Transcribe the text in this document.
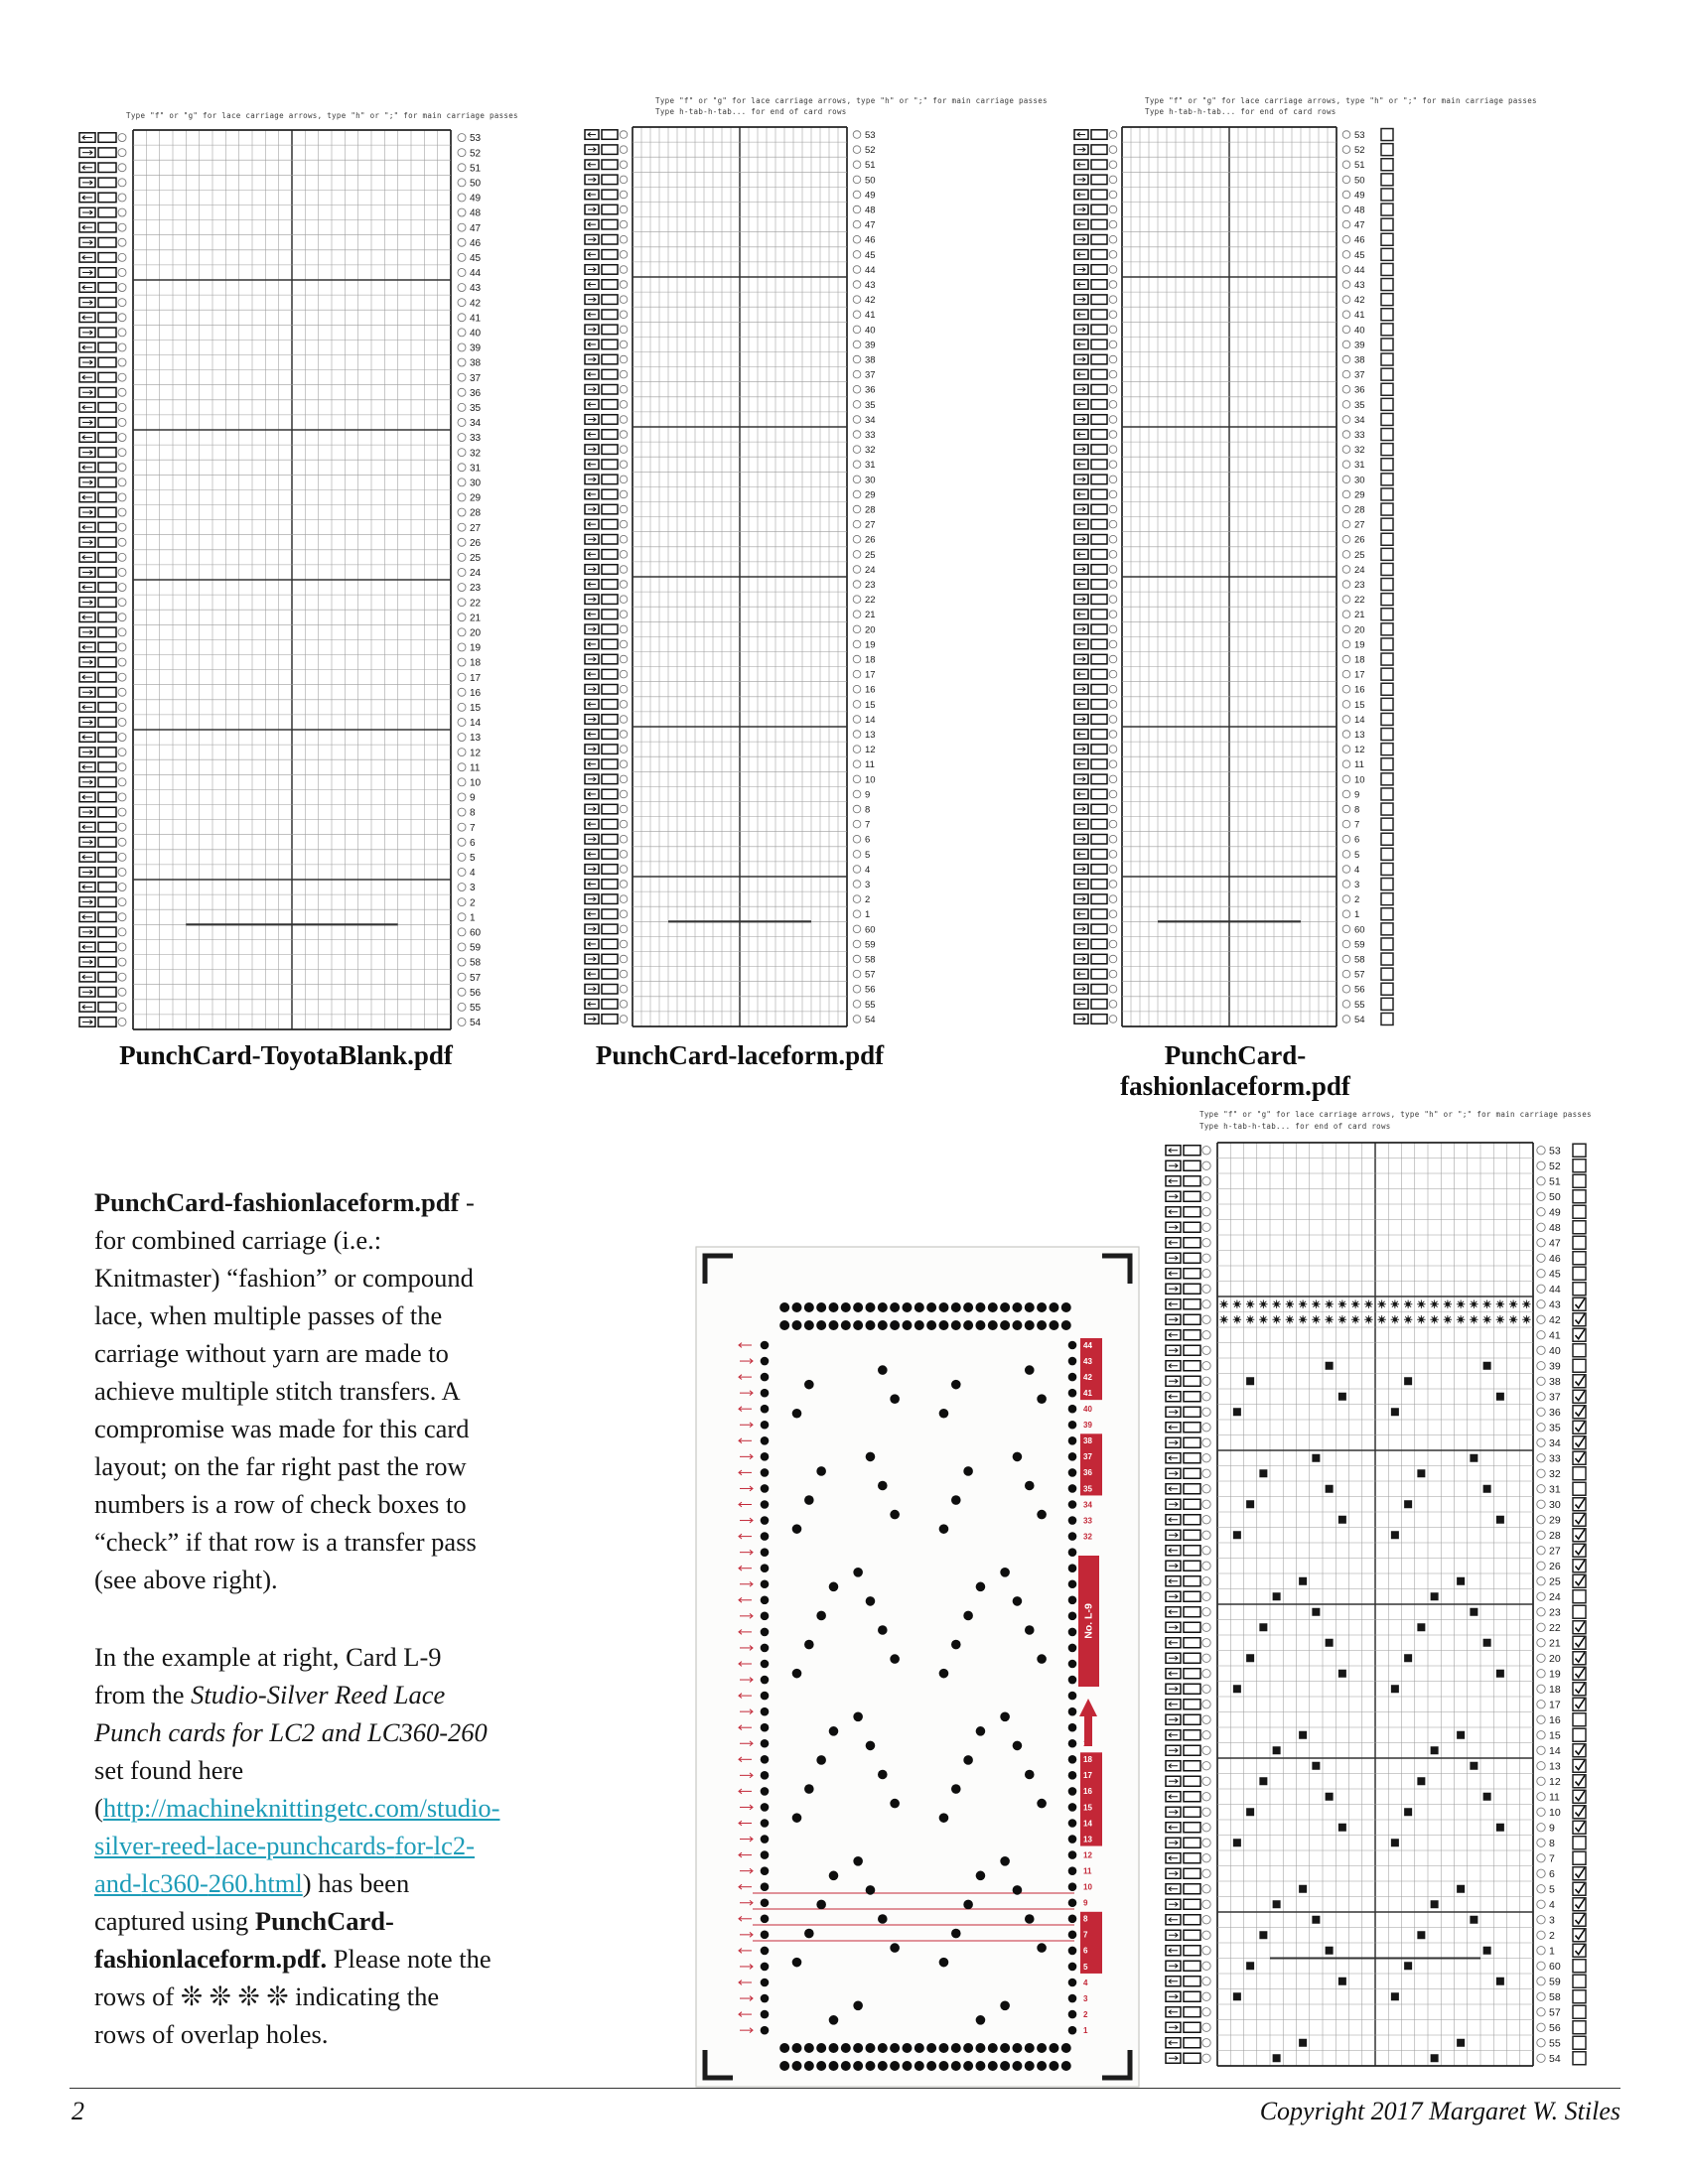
Type "f" or "g" for lace carriage arrows, type "h" or ";" for main carriage passes
53
52
51
50
49
48
47
46
45
44
43
42
41
40
39
38
37
36
35
34
33
32
31
30
29
28
27
26
25
24
23
22
21
20
19
18
17
16
15
14
13
12
11
10
9
8
7
6
5
4
3
2
1
60
59
58
57
56
55
54
PunchCard-ToyotaBlank.pdf
Type "f" or "g" for lace carriage arrows, type "h" or ";" for main carriage passes
Type h-tab-h-tab... for end of card rows
53
52
51
50
49
48
47
46
45
44
43
42
41
40
39
38
37
36
35
34
33
32
31
30
29
28
27
26
25
24
23
22
21
20
19
18
17
16
15
14
13
12
11
10
9
8
7
6
5
4
3
2
1
60
59
58
57
56
55
54
PunchCard-laceform.pdf
Type "f" or "g" for lace carriage arrows, type "h" or ";" for main carriage passes
Type h-tab-h-tab... for end of card rows
53
52
51
50
49
48
47
46
45
44
43
42
41
40
39
38
37
36
35
34
33
32
31
30
29
28
27
26
25
24
23
22
21
20
19
18
17
16
15
14
13
12
11
10
9
8
7
6
5
4
3
2
1
60
59
58
57
56
55
54
PunchCard-fashionlaceform.pdf

PunchCard-fashionlaceform.pdf - for combined carriage (i.e.: Knitmaster) “fashion” or compound lace, when multiple passes of the carriage without yarn are made to achieve multiple stitch transfers. A compromise was made for this card layout; on the far right past the row numbers is a row of check boxes to “check” if that row is a transfer pass (see above right).

In the example at right, Card L-9 from the Studio-Silver Reed Lace Punch cards for LC2 and LC360-260 set found here (http://machineknittingetc.com/studio-silver-reed-lace-punchcards-for-lc2-and-lc360-260.html) has been captured using PunchCard-fashionlaceform.pdf. Please note the rows of ❊ ❊ ❊ ❊ indicating the rows of overlap holes.

44
43
42
41
40
39
38
37
36
35
34
33
32
18
17
16
15
14
13
12
11
10
9
8
7
6
5
4
3
2
1
No. L-9
Type "f" or "g" for lace carriage arrows, type "h" or ";" for main carriage passes
Type h-tab-h-tab... for end of card rows
53
52
51
50
49
48
47
46
45
44
43
42
41
40
39
38
37
36
35
34
33
32
31
30
29
28
27
26
25
24
23
22
21
20
19
18
17
16
15
14
13
12
11
10
9
8
7
6
5
4
3
2
1
60
59
58
57
56
55
54
2	Copyright 2017 Margaret W. Stiles
